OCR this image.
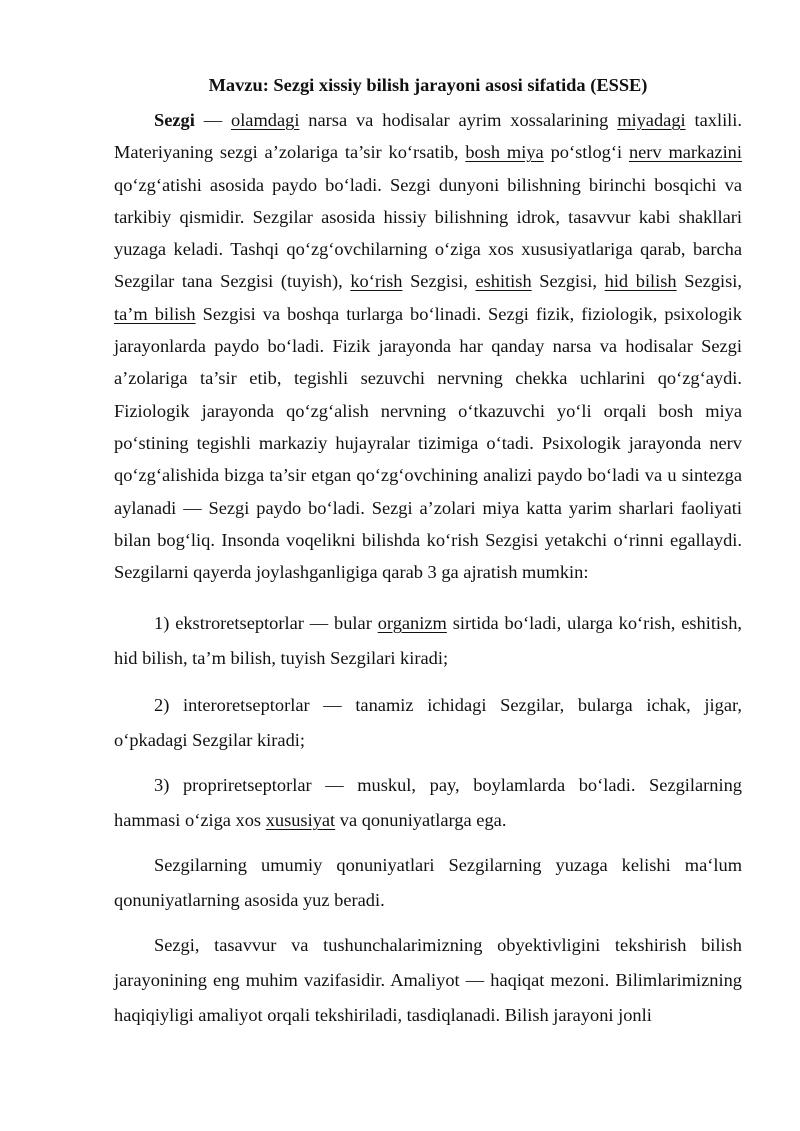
Mavzu: Sezgi xissiy bilish jarayoni asosi sifatida (ESSE)

Sezgi — olamdagi narsa va hodisalar ayrim xossalarining miyadagi taxlili. Materiyaning sezgi a’zolariga ta’sir ko‘rsatib, bosh miya po‘stlog‘i nerv markazini qo‘zg‘atishi asosida paydo bo‘ladi. Sezgi dunyoni bilishning birinchi bosqichi va tarkibiy qismidir. Sezgilar asosida hissiy bilishning idrok, tasavvur kabi shakllari yuzaga keladi. Tashqi qo‘zg‘ovchilarning o‘ziga xos xususiyatlariga qarab, barcha Sezgilar tana Sezgisi (tuyish), ko‘rish Sezgisi, eshitish Sezgisi, hid bilish Sezgisi, ta’m bilish Sezgisi va boshqa turlarga bo‘linadi. Sezgi fizik, fiziologik, psixologik jarayonlarda paydo bo‘ladi. Fizik jarayonda har qanday narsa va hodisalar Sezgi a’zolariga ta’sir etib, tegishli sezuvchi nervning chekka uchlarini qo‘zg‘aydi. Fiziologik jarayonda qo‘zg‘alish nervning o‘tkazuvchi yo‘li orqali bosh miya po‘stining tegishli markaziy hujayralar tizimiga o‘tadi. Psixologik jarayonda nerv qo‘zg‘alishida bizga ta’sir etgan qo‘zg‘ovchining analizi paydo bo‘ladi va u sintezga aylanadi — Sezgi paydo bo‘ladi. Sezgi a’zolari miya katta yarim sharlari faoliyati bilan bog‘liq. Insonda voqelikni bilishda ko‘rish Sezgisi yetakchi o‘rinni egallaydi. Sezgilarni qayerda joylashganligiga qarab 3 ga ajratish mumkin:

1) ekstroretseptorlar — bular organizm sirtida bo‘ladi, ularga ko‘rish, eshitish, hid bilish, ta’m bilish, tuyish Sezgilari kiradi;

2) interoretseptorlar — tanamiz ichidagi Sezgilar, bularga ichak, jigar, o‘pkadagi Sezgilar kiradi;

3) propriretseptorlar — muskul, pay, boylamlarda bo‘ladi. Sezgilarning hammasi o‘ziga xos xususiyat va qonuniyatlarga ega.

Sezgilarning umumiy qonuniyatlari Sezgilarning yuzaga kelishi ma‘lum qonuniyatlarning asosida yuz beradi.

Sezgi, tasavvur va tushunchalarimizning obyektivligini tekshirish bilish jarayonining eng muhim vazifasidir. Amaliyot — haqiqat mezoni. Bilimlarimizning haqiqiyligi amaliyot orqali tekshiriladi, tasdiqlanadi. Bilish jarayoni jonli
